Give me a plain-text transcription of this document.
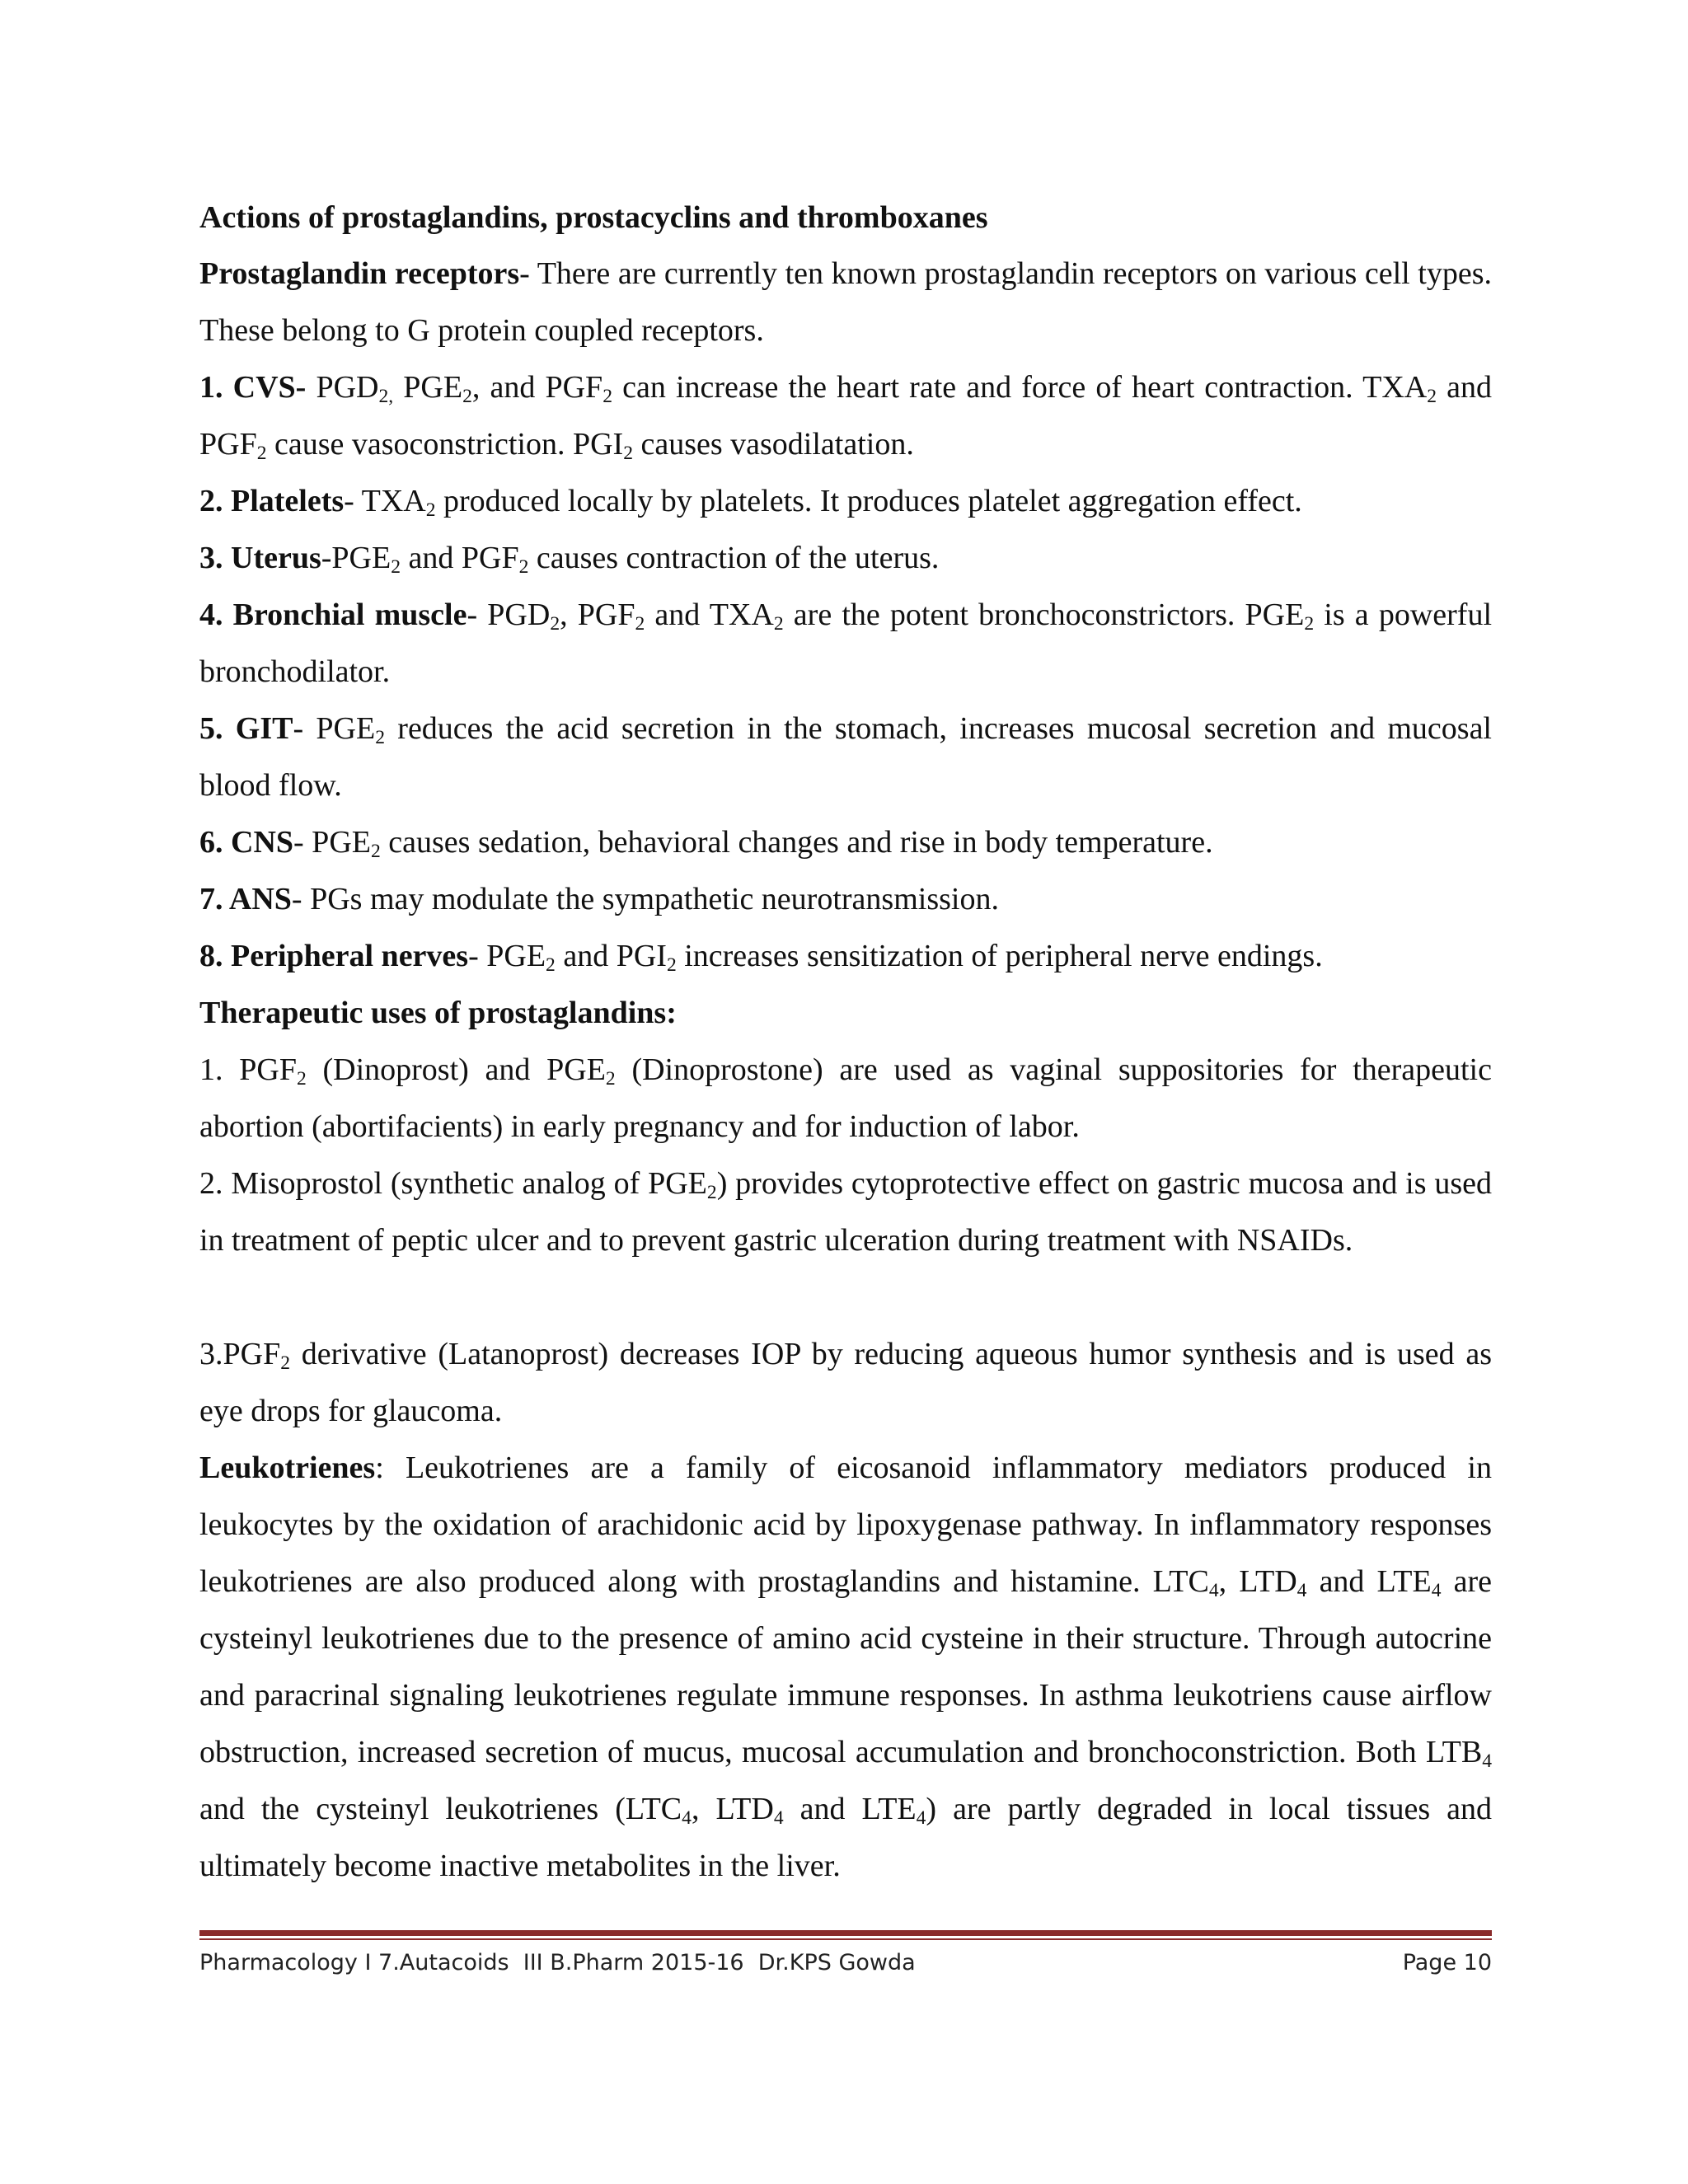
Actions of prostaglandins, prostacyclins and thromboxanes
Prostaglandin receptors- There are currently ten known prostaglandin receptors on various cell types. These belong to G protein coupled receptors.
1. CVS- $PGD_{2,}$ $PGE_2$, and $PGF_2$ can increase the heart rate and force of heart contraction. $TXA_2$ and $PGF_2$ cause vasoconstriction. $PGI_2$ causes vasodilatation.
2. Platelets- $TXA_2$ produced locally by platelets. It produces platelet aggregation effect.
3. Uterus-$PGE_2$ and $PGF_2$ causes contraction of the uterus.
4. Bronchial muscle- $PGD_2$, $PGF_2$ and $TXA_2$ are the potent bronchoconstrictors. $PGE_2$ is a powerful bronchodilator.
5. GIT- $PGE_2$ reduces the acid secretion in the stomach, increases mucosal secretion and mucosal blood flow.
6. CNS- $PGE_2$ causes sedation, behavioral changes and rise in body temperature.
7. ANS- PGs may modulate the sympathetic neurotransmission.
8. Peripheral nerves- $PGE_2$ and $PGI_2$ increases sensitization of peripheral nerve endings.
Therapeutic uses of prostaglandins:
1. $PGF_2$ (Dinoprost) and $PGE_2$ (Dinoprostone) are used as vaginal suppositories for therapeutic abortion (abortifacients) in early pregnancy and for induction of labor.
2. Misoprostol (synthetic analog of $PGE_2$) provides cytoprotective effect on gastric mucosa and is used in treatment of peptic ulcer and to prevent gastric ulceration during treatment with NSAIDs.
$3.PGF_2$ derivative (Latanoprost) decreases IOP by reducing aqueous humor synthesis and is used as eye drops for glaucoma.
Leukotrienes: Leukotrienes are a family of eicosanoid inflammatory mediators produced in leukocytes by the oxidation of arachidonic acid by lipoxygenase pathway. In inflammatory responses leukotrienes are also produced along with prostaglandins and histamine. $LTC_4$, $LTD_4$ and $LTE_4$ are cysteinyl leukotrienes due to the presence of amino acid cysteine in their structure. Through autocrine and paracrinal signaling leukotrienes regulate immune responses. In asthma leukotriens cause airflow obstruction, increased secretion of mucus, mucosal accumulation and bronchoconstriction. Both $LTB_4$ and the cysteinyl leukotrienes ($LTC_4$, $LTD_4$ and $LTE_4$) are partly degraded in local tissues and ultimately become inactive metabolites in the liver.
Pharmacology I 7.Autacoids  III B.Pharm 2015-16  Dr.KPS Gowda	Page 10
